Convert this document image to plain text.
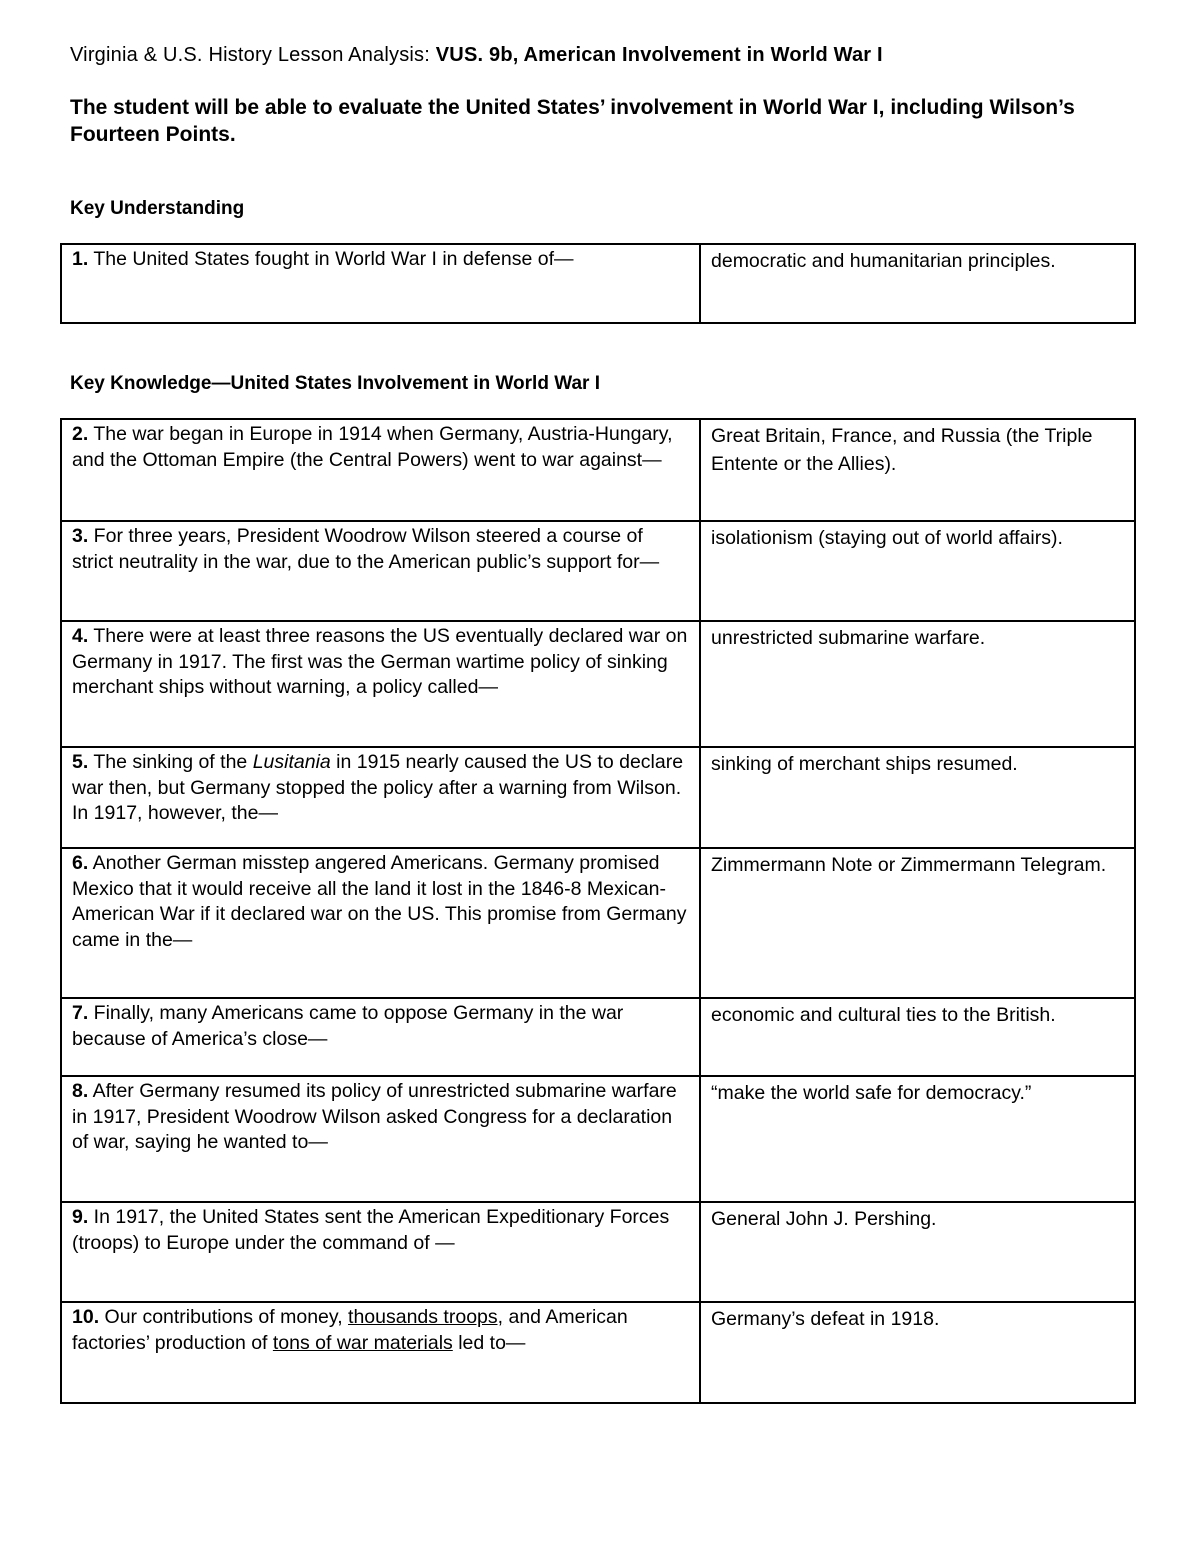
Virginia & U.S. History Lesson Analysis: VUS. 9b, American Involvement in World War I
The student will be able to evaluate the United States’ involvement in World War I, including Wilson’s Fourteen Points.
Key Understanding
1. The United States fought in World War I in defense of—	democratic and humanitarian principles.
Key Knowledge—United States Involvement in World War I
2. The war began in Europe in 1914 when Germany, Austria-Hungary, and the Ottoman Empire (the Central Powers) went to war against—	Great Britain, France, and Russia (the Triple Entente or the Allies).
3. For three years, President Woodrow Wilson steered a course of strict neutrality in the war, due to the American public’s support for—	isolationism (staying out of world affairs).
4. There were at least three reasons the US eventually declared war on Germany in 1917. The first was the German wartime policy of sinking merchant ships without warning, a policy called—	unrestricted submarine warfare.
5. The sinking of the Lusitania in 1915 nearly caused the US to declare war then, but Germany stopped the policy after a warning from Wilson. In 1917, however, the—	sinking of merchant ships resumed.
6. Another German misstep angered Americans. Germany promised Mexico that it would receive all the land it lost in the 1846-8 Mexican-American War if it declared war on the US. This promise from Germany came in the—	Zimmermann Note or Zimmermann Telegram.
7. Finally, many Americans came to oppose Germany in the war because of America’s close—	economic and cultural ties to the British.
8. After Germany resumed its policy of unrestricted submarine warfare in 1917, President Woodrow Wilson asked Congress for a declaration of war, saying he wanted to—	“make the world safe for democracy.”
9. In 1917, the United States sent the American Expeditionary Forces (troops) to Europe under the command of —	General John J. Pershing.
10. Our contributions of money, thousands troops, and American factories’ production of tons of war materials led to—	Germany’s defeat in 1918.
